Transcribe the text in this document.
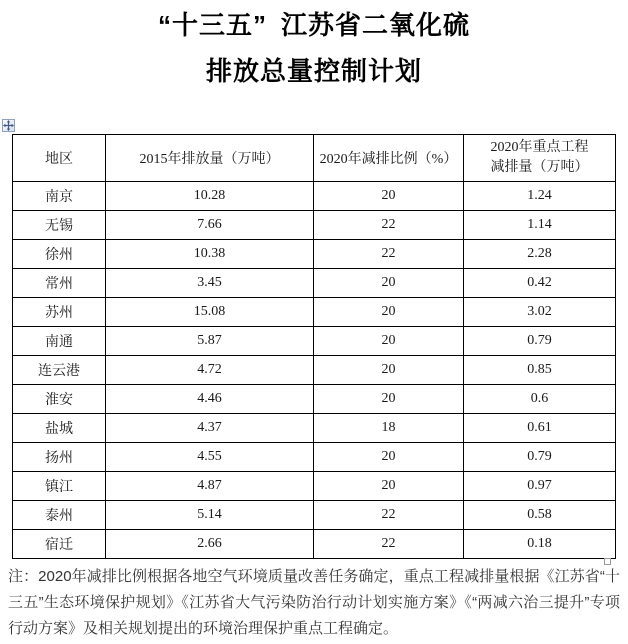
“十三五” 江苏省二氧化硫
排放总量控制计划
地区	2015年排放量（万吨）	2020年减排比例（%）	2020年重点工程
减排量（万吨）

南京	10.28	20	1.24
无锡	7.66	22	1.14
徐州	10.38	22	2.28
常州	3.45	20	0.42
苏州	15.08	20	3.02
南通	5.87	20	0.79
连云港	4.72	20	0.85
淮安	4.46	20	0.6
盐城	4.37	18	0.61
扬州	4.55	20	0.79
镇江	4.87	20	0.97
泰州	5.14	22	0.58
宿迁	2.66	22	0.18
注：2020年减排比例根据各地空气环境质量改善任务确定，重点工程减排量根据《江苏省“十三五”生态环境保护规划》《江苏省大气污染防治行动计划实施方案》《“两减六治三提升”专项行动方案》及相关规划提出的环境治理保护重点工程确定。
